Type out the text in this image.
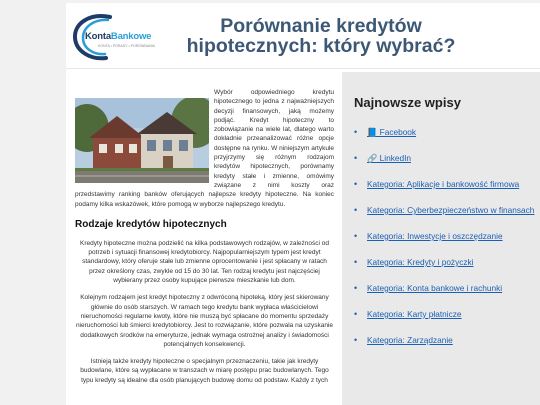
KontaBankowe
KONTA • PORADY • PORÓWNANIA
Porównanie kredytów hipotecznych: który wybrać?

Wybór odpowiedniego kredytu hipotecznego to jedna z najważniejszych decyzji finansowych, jaką możemy podjąć. Kredyt hipoteczny to zobowiązanie na wiele lat, dlatego warto dokładnie przeanalizować różne opcje dostępne na rynku. W niniejszym artykule przyjrzymy się różnym rodzajom kredytów hipotecznych, porównamy kredyty stałe i zmienne, omówimy związane z nimi koszty oraz przedstawimy ranking banków oferujących najlepsze kredyty hipoteczne. Na koniec podamy kilka wskazówek, które pomogą w wyborze najlepszego kredytu.

Rodzaje kredytów hipotecznych

Kredyty hipoteczne można podzielić na kilka podstawowych rodzajów, w zależności od potrzeb i sytuacji finansowej kredytobiorcy. Najpopularniejszym typem jest kredyt standardowy, który oferuje stałe lub zmienne oprocentowanie i jest spłacany w ratach przez określony czas, zwykle od 15 do 30 lat. Ten rodzaj kredytu jest najczęściej wybierany przez osoby kupujące pierwsze mieszkanie lub dom.

Kolejnym rodzajem jest kredyt hipoteczny z odwróconą hipoteką, który jest skierowany głównie do osób starszych. W ramach tego kredytu bank wypłaca właścicielowi nieruchomości regularne kwoty, które nie muszą być spłacane do momentu sprzedaży nieruchomości lub śmierci kredytobiorcy. Jest to rozwiązanie, które pozwala na uzyskanie dodatkowych środków na emeryturze, jednak wymaga ostrożnej analizy i świadomości potencjalnych konsekwencji.

Istnieją także kredyty hipoteczne o specjalnym przeznaczeniu, takie jak kredyty budowlane, które są wypłacane w transzach w miarę postępu prac budowlanych. Tego typu kredyty są idealne dla osób planujących budowę domu od podstaw. Każdy z tych

Najnowsze wpisy
• 📘 Facebook
• 🔗 LinkedIn
• Kategoria: Aplikacje i bankowość firmowa
• Kategoria: Cyberbezpieczeństwo w finansach
• Kategoria: Inwestycje i oszczędzanie
• Kategoria: Kredyty i pożyczki
• Kategoria: Konta bankowe i rachunki
• Kategoria: Karty płatnicze
• Kategoria: Zarządzanie
